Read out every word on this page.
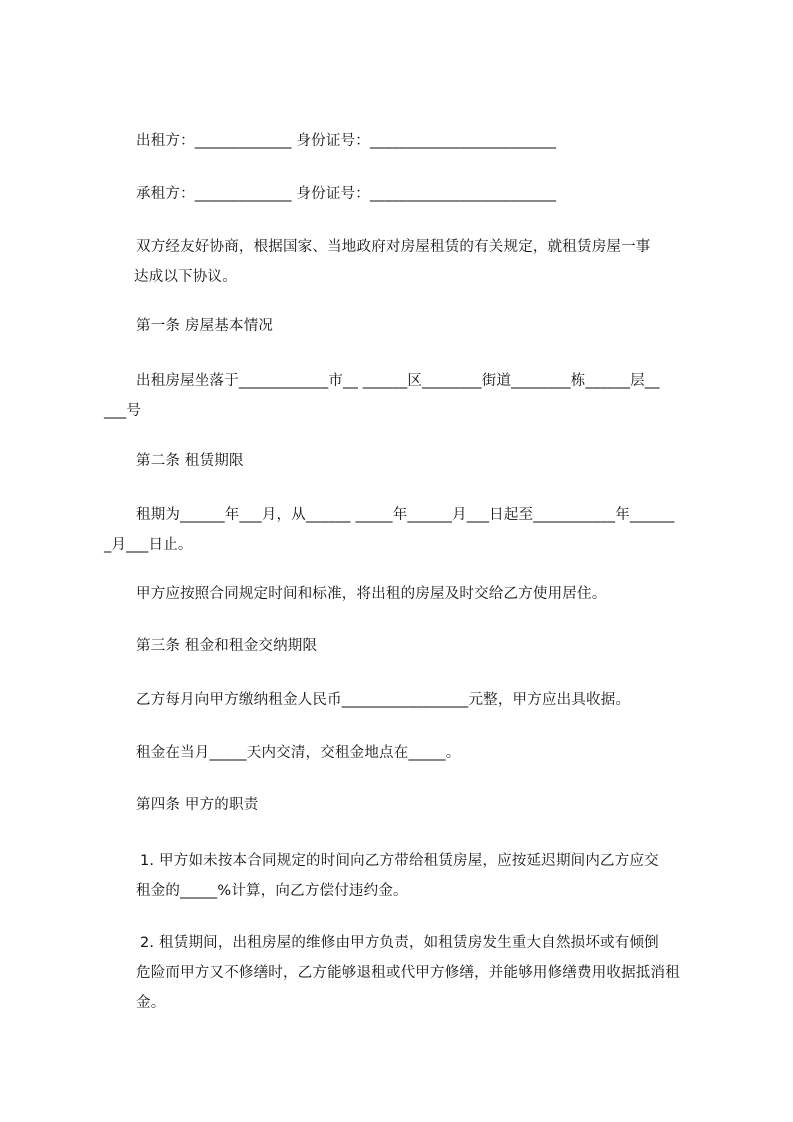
出租方：_____________ 身份证号：_________________________
承租方：_____________ 身份证号：_________________________
双方经友好协商，根据国家、当地政府对房屋租赁的有关规定，就租赁房屋一事
达成以下协议。
第一条 房屋基本情况
出租房屋坐落于____________市__ ______区________街道________栋______层__
___号
第二条 租赁期限
租期为______年___月，从______ _____年______月___日起至___________年______
_月___日止。
甲方应按照合同规定时间和标准，将出租的房屋及时交给乙方使用居住。
第三条 租金和租金交纳期限
乙方每月向甲方缴纳租金人民币_________________元整，甲方应出具收据。
租金在当月_____天内交清，交租金地点在_____。
第四条 甲方的职责
1. 甲方如未按本合同规定的时间向乙方带给租赁房屋，应按延迟期间内乙方应交
租金的_____%计算，向乙方偿付违约金。
2. 租赁期间，出租房屋的维修由甲方负责，如租赁房发生重大自然损坏或有倾倒
危险而甲方又不修缮时，乙方能够退租或代甲方修缮，并能够用修缮费用收据抵消租
金。
